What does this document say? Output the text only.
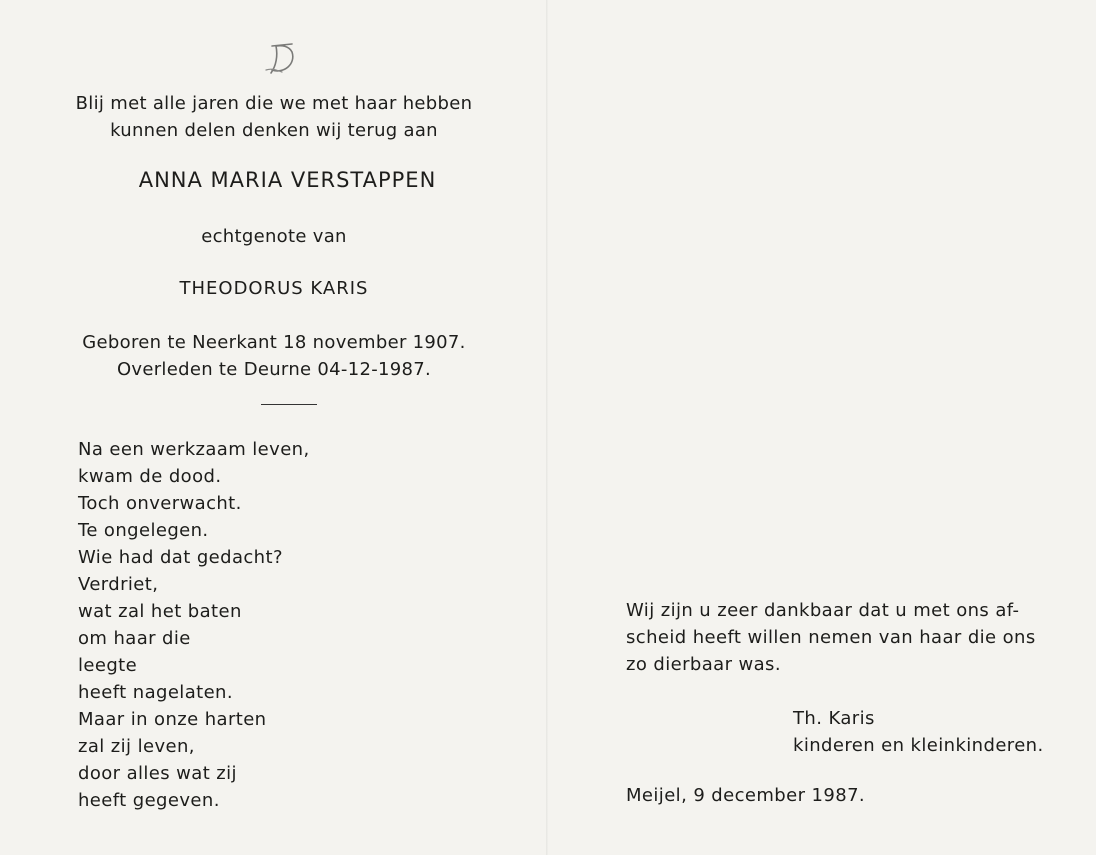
Blij met alle jaren die we met haar hebben
kunnen delen denken wij terug aan
ANNA MARIA VERSTAPPEN
echtgenote van
THEODORUS KARIS
Geboren te Neerkant 18 november 1907.
Overleden te Deurne 04-12-1987.
Na een werkzaam leven,
kwam de dood.
Toch onverwacht.
Te ongelegen.
Wie had dat gedacht?
Verdriet,
wat zal het baten
om haar die
leegte
heeft nagelaten.
Maar in onze harten
zal zij leven,
door alles wat zij
heeft gegeven.
Wij zijn u zeer dankbaar dat u met ons af-
scheid heeft willen nemen van haar die ons
zo dierbaar was.
Th. Karis
kinderen en kleinkinderen.
Meijel, 9 december 1987.
